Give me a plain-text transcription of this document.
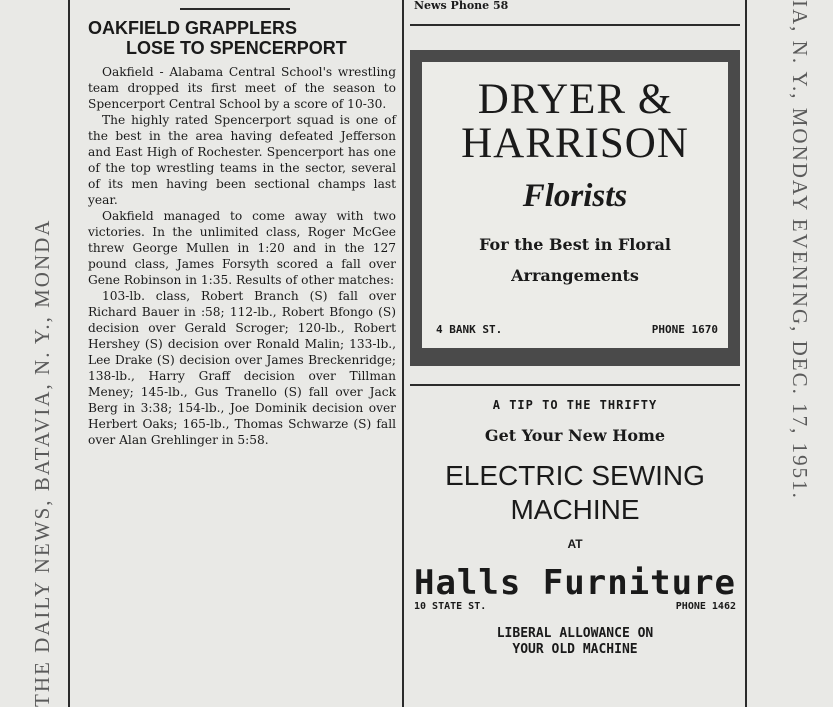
THE DAILY NEWS, BATAVIA, N. Y., MONDA	IA, N. Y., MONDAY EVENING, DEC. 17, 1951.
News Phone 58
OAKFIELD GRAPPLERS
LOSE TO SPENCERPORT

Oakfield - Alabama Central School's wrestling team dropped its first meet of the season to Spencerport Central School by a score of 10-30.

The highly rated Spencerport squad is one of the best in the area having defeated Jefferson and East High of Rochester. Spencerport has one of the top wrestling teams in the sector, several of its men having been sectional champs last year.

Oakfield managed to come away with two victories. In the unlimited class, Roger McGee threw George Mullen in 1:20 and in the 127 pound class, James Forsyth scored a fall over Gene Robinson in 1:35. Results of other matches:

103-lb. class, Robert Branch (S) fall over Richard Bauer in :58; 112-lb., Robert Bfongo (S) decision over Gerald Scroger; 120-lb., Robert Hershey (S) decision over Ronald Malin; 133-lb., Lee Drake (S) decision over James Breckenridge; 138-lb., Harry Graff decision over Tillman Meney; 145-lb., Gus Tranello (S) fall over Jack Berg in 3:38; 154-lb., Joe Dominik decision over Herbert Oaks; 165-lb., Thomas Schwarze (S) fall over Alan Grehlinger in 5:58.

DRYER &
HARRISON
Florists
For the Best in Floral
Arrangements
4 BANK ST.	PHONE 1670
A TIP TO THE THRIFTY
Get Your New Home
ELECTRIC SEWING
MACHINE
AT
Halls Furniture
10 STATE ST.	PHONE 1462
LIBERAL ALLOWANCE ON
YOUR OLD MACHINE
